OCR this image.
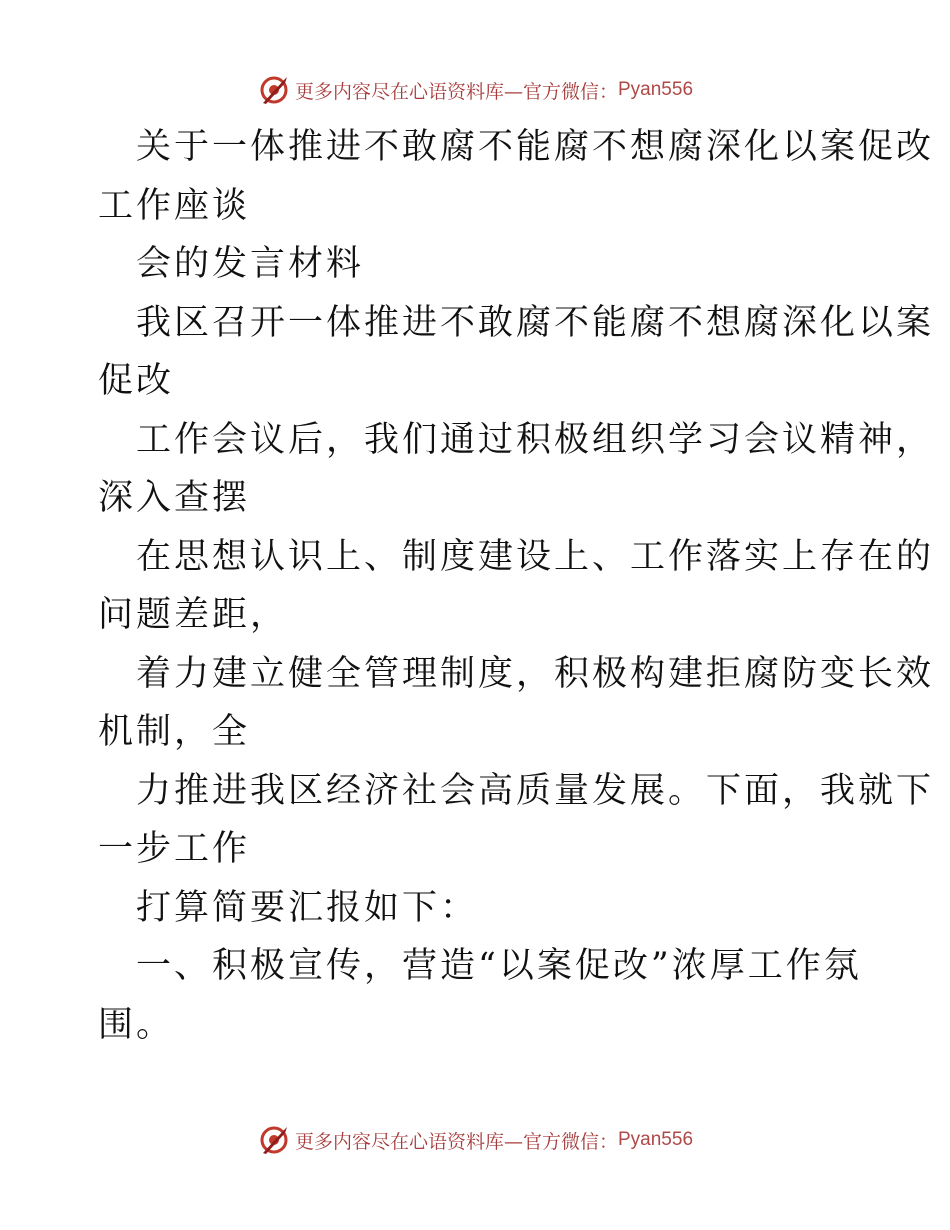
更多内容尽在心语资料库—官方微信： Pyan556
关于一体推进不敢腐不能腐不想腐深化以案促改
工作座谈
会的发言材料
我区召开一体推进不敢腐不能腐不想腐深化以案
促改
工作会议后，我们通过积极组织学习会议精神，
深入查摆
在思想认识上、制度建设上、工作落实上存在的
问题差距，
着力建立健全管理制度，积极构建拒腐防变长效
机制，全
力推进我区经济社会高质量发展。下面，我就下
一步工作
打算简要汇报如下：
一、积极宣传，营造“以案促改”浓厚工作氛
围。
更多内容尽在心语资料库—官方微信： Pyan556
